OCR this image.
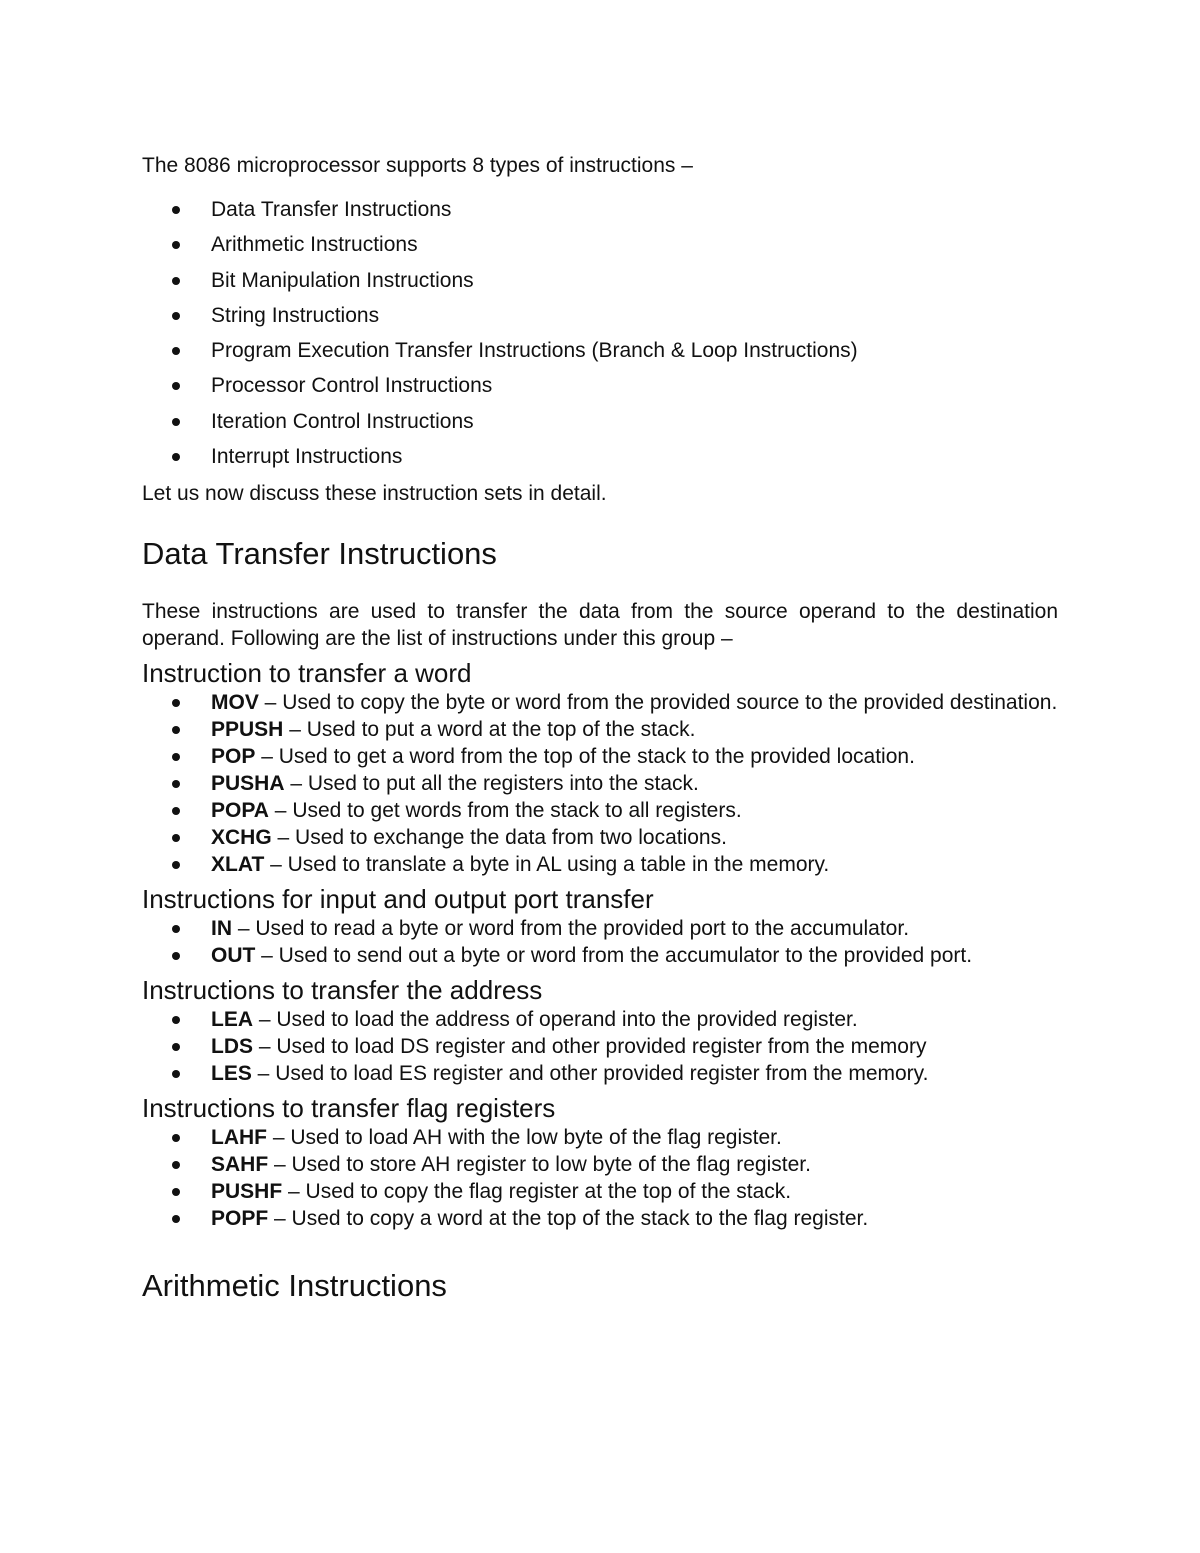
The 8086 microprocessor supports 8 types of instructions –

Data Transfer Instructions
Arithmetic Instructions
Bit Manipulation Instructions
String Instructions
Program Execution Transfer Instructions (Branch & Loop Instructions)
Processor Control Instructions
Iteration Control Instructions
Interrupt Instructions

Let us now discuss these instruction sets in detail.

Data Transfer Instructions

These instructions are used to transfer the data from the source operand to the destination operand. Following are the list of instructions under this group –

Instruction to transfer a word
MOV – Used to copy the byte or word from the provided source to the provided destination.
PPUSH – Used to put a word at the top of the stack.
POP – Used to get a word from the top of the stack to the provided location.
PUSHA – Used to put all the registers into the stack.
POPA – Used to get words from the stack to all registers.
XCHG – Used to exchange the data from two locations.
XLAT – Used to translate a byte in AL using a table in the memory.
Instructions for input and output port transfer
IN – Used to read a byte or word from the provided port to the accumulator.
OUT – Used to send out a byte or word from the accumulator to the provided port.
Instructions to transfer the address
LEA – Used to load the address of operand into the provided register.
LDS – Used to load DS register and other provided register from the memory
LES – Used to load ES register and other provided register from the memory.
Instructions to transfer flag registers
LAHF – Used to load AH with the low byte of the flag register.
SAHF – Used to store AH register to low byte of the flag register.
PUSHF – Used to copy the flag register at the top of the stack.
POPF – Used to copy a word at the top of the stack to the flag register.
Arithmetic Instructions
